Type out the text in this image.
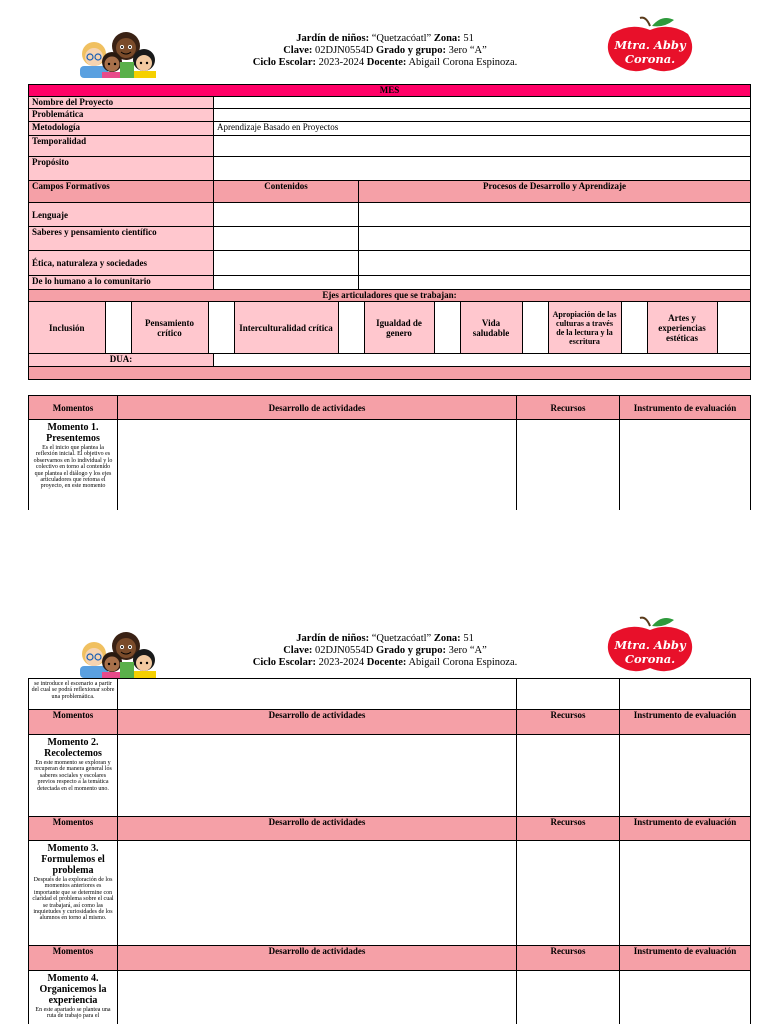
Jardín de niños: “Quetzacóatl” Zona: 51
Clave: 02DJN0554D Grado y grupo: 3ero “A”
Ciclo Escolar: 2023-2024 Docente: Abigail Corona Espinoza.
Mtra. Abby Corona.
MES
Nombre del Proyecto	
Problemática	
Metodología	Aprendizaje Basado en Proyectos
Temporalidad	
Propósito	
Campos Formativos	Contenidos	Procesos de Desarrollo y Aprendizaje
Lenguaje		
Saberes y pensamiento científico		
Ética, naturaleza y sociedades		
De lo humano a lo comunitario		
Ejes articuladores que se trabajan:

Inclusión		Pensamiento crítico		Interculturalidad crítica		Igualdad de genero		Vida saludable		Apropiación de las culturas a través de la lectura y la escritura		Artes y experiencias estéticas	

DUA:	

Momentos	Desarrollo de actividades	Recursos	Instrumento de evaluación

Momento 1. Presentemos
Es el inicio que plantea la reflexión inicial. El objetivo es observarnos en lo individual y lo colectivo en torno al contenido que plantea el diálogo y los ejes articuladores que retoma el proyecto, en este momento			

Jardín de niños: “Quetzacóatl” Zona: 51
Clave: 02DJN0554D Grado y grupo: 3ero “A”
Ciclo Escolar: 2023-2024 Docente: Abigail Corona Espinoza.
Mtra. Abby Corona.
se introduce el escenario a partir del cual se podrá reflexionar sobre una problemática.			

Momentos	Desarrollo de actividades	Recursos	Instrumento de evaluación

Momento 2. Recolectemos
En este momento se exploran y recuperan de manera general los saberes sociales y escolares previos respecto a la temática detectada en el momento uno.			

Momentos	Desarrollo de actividades	Recursos	Instrumento de evaluación

Momento 3. Formulemos el problema
Después de la exploración de los momentos anteriores es importante que se determine con claridad el problema sobre el cual se trabajará, así como las inquietudes y curiosidades de los alumnos en torno al mismo.			

Momentos	Desarrollo de actividades	Recursos	Instrumento de evaluación

Momento 4. Organicemos la experiencia
En este apartado se plantea una ruta de trabajo para el			
